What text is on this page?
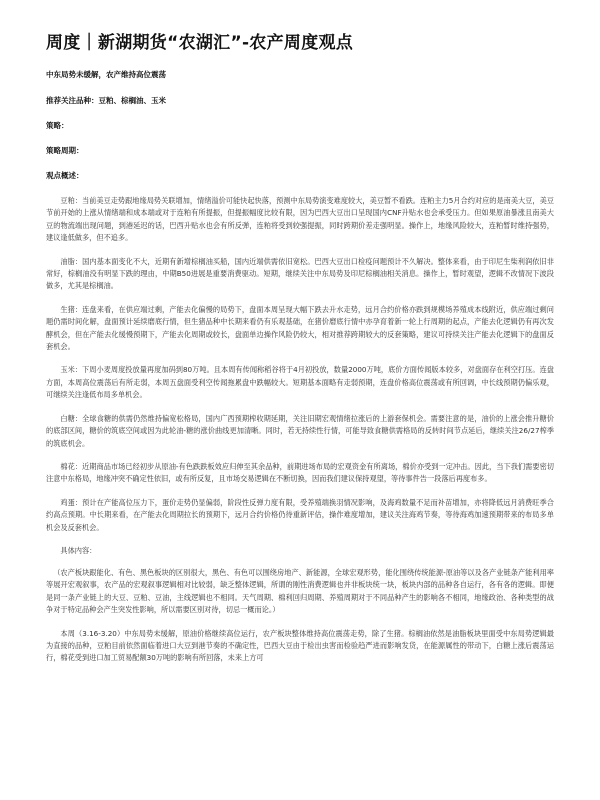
周度｜新湖期货“农湖汇”-农产周度观点
中东局势未缓解，农产维持高位震荡
推荐关注品种：豆粕、棕榈油、玉米
策略：
策略周期：
观点概述：

豆粕：当前美豆走势跟地缘局势关联增加，情绪溢价可能快起快落，预测中东局势演变难度较大，美豆暂不看跌。连粕主力5月合约对应的是南美大豆，美豆节前开始的上涨从情绪端和成本端或对于连粕有所提振，但提振幅度比较有限，因为巴西大豆出口呈现国内CNF升贴水也会承受压力。但如果原油暴涨且南美大豆的物流端出现问题，到港延迟的话，巴西升贴水也会有所反弹，连粕将受到较强提振，同时跨期价差走强明显。操作上，地缘风险较大，连粕暂时维持强势，建议逢低做多，但不追多。

油脂：国内基本面变化不大，近期有新增棕榈油买船，国内近端供需依旧宽松。巴西大豆出口检疫问题预计不久解决。整体来看，由于印尼生柴利润依旧非常好，棕榈油没有明显下跌的理由，中期B50进展是重要消费驱动。短期，继续关注中东局势及印尼棕榈油相关消息。操作上，暂时观望，逻辑不改情况下波段做多，尤其是棕榈油。

生猪：连盘来看，在供应端过剩，产能去化偏慢的局势下，盘面本周呈现大幅下跌去升水走势，远月合约价格亦跌到规模场养殖成本线附近，供应端过剩问题仍需时间化解，盘面预计延续磨底行情，但生猪品种中长期来看仍有乐观基础，在猪价磨底行情中亦孕育着新一轮上行周期的起点，产能去化逻辑仍有再次发酵机会，但在产能去化缓慢预期下，产能去化周期或较长，盘面单边操作风险仍较大，相对推荐跨期较大的反套策略，建议可持续关注产能去化逻辑下的盘面反套机会。

玉米：下周小麦周度投放量再度加码到80万吨。且本周有传闻称稻谷将于4月初投放，数量2000万吨，底价方面传闻版本较多，对盘面存在利空打压。连盘方面，本周高位震荡后有所走弱，本周五盘面受利空传闻拖累盘中跌幅较大。短期基本面略有走弱预期，连盘价格高位震荡或有所回调，中长线预期仍偏乐观，可继续关注逢低布局多单机会。

白糖：全球食糖的供需仍然维持偏宽松格局，国内广西预期榨收期延期，关注旧期宏观情绪拉涨后的上游套保机会。需要注意的是，油价的上涨会推升糖价的底部区间，糖价的筑底空间或因为此轮油-糖的涨价曲线更加清晰。同时，若无持续性行情，可能导致食糖供需格局的反转时间节点延后，继续关注26/27榨季的筑底机会。

棉花：近期商品市场已经初步从原油-有色跌跌板效应归伸至其余品种，前期进场布局的宏观资金有所离场，棉价亦受到一定冲击。因此，当下我们需要密切注意中东格局，地缘冲突不确定性依旧，或有所反复，且市场交易逻辑在不断切换，因而我们建议保持观望，等待事件告一段落后再度布多。

鸡蛋：预计在产能高位压力下，蛋价走势仍显偏弱，阶段性反弹力度有限，受养殖端换羽情况影响，及海鸡数量不足而补苗增加，亦将降低远月消费旺季合约高点预期。中长期来看，在产能去化周期拉长的预期下，远月合约价格仍待重新评估，操作难度增加，建议关注海鸡节奏，等待海鸡加速预期带来的布局多单机会及反套机会。

具体内容：

（农产板块跟能化、有色、黑色板块的区别很大，黑色、有色可以围绕房地产、新能源，全球宏观形势，能化围绕传统能源-原油等以及各产业链条产能利用率等展开宏观叙事，农产品的宏观叙事逻辑相对比较弱，缺乏整体逻辑，所谓的刚性消费逻辑也并非板块统一块，板块内部的品种各自运行，各有各的逻辑。即便是同一条产业链上的大豆、豆粕、豆油，主线逻辑也不相同。天气周期、棉利回归周期、养殖周期对于不同品种产生的影响各不相同，地缘政治、各种类型的战争对于特定品种会产生突发性影响，所以需要区别对待，切忌一概而论。）

本周（3.16-3.20）中东局势未缓解，原油价格继续高位运行，农产板块整体维持高位震荡走势，除了生猪。棕榈油依然是油脂板块里面受中东局势逻辑最为直接的品种，豆粕目前依然面临着进口大豆到港节奏的不确定性，巴西大豆由于检出虫害而检验趋严进而影响发货，在能源属性的带动下，白糖上涨后震荡运行，棉花受到进口加工贸易配额30万吨的影响有所回落，未来上方可
